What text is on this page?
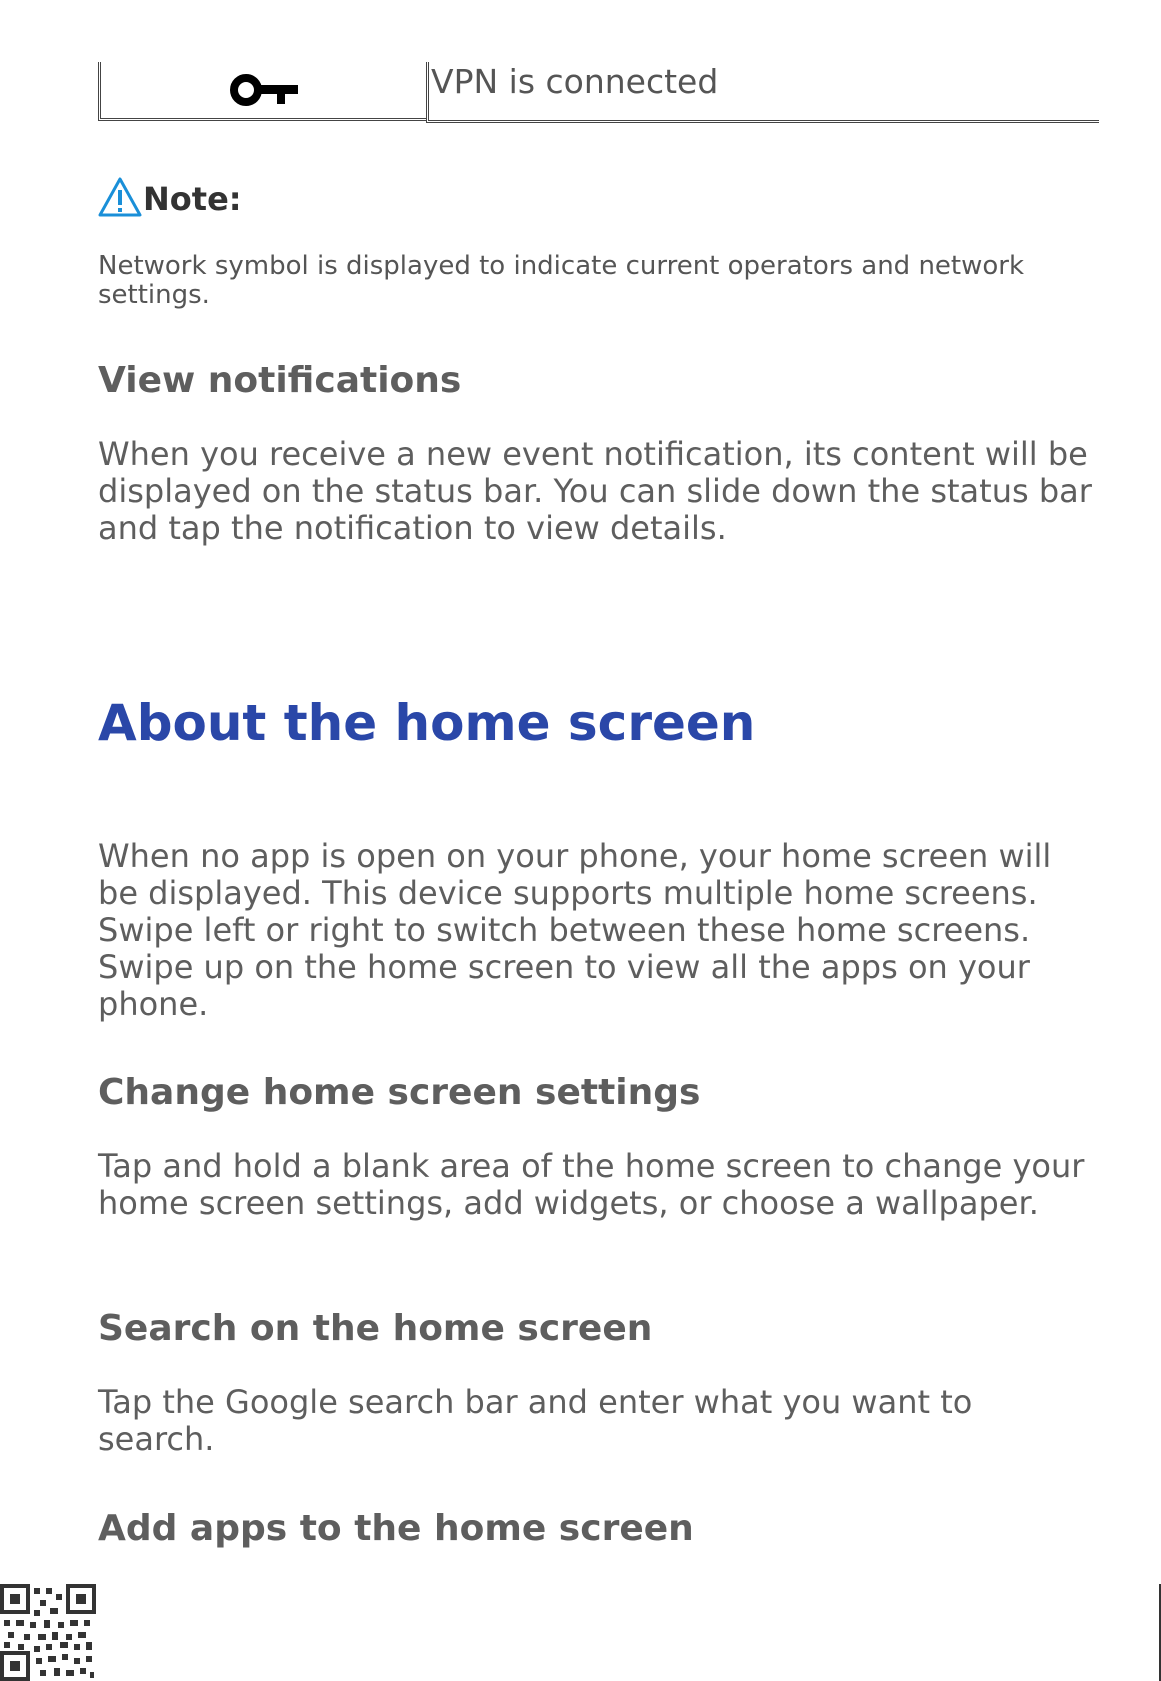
VPN is connected
Note:
Network symbol is displayed to indicate current operators and network settings.
View notifications
When you receive a new event notification, its content will be displayed on the status bar. You can slide down the status bar and tap the notification to view details.
About the home screen
When no app is open on your phone, your home screen will be displayed. This device supports multiple home screens. Swipe left or right to switch between these home screens. Swipe up on the home screen to view all the apps on your phone.
Change home screen settings
Tap and hold a blank area of the home screen to change your home screen settings, add widgets, or choose a wallpaper.
Search on the home screen
Tap the Google search bar and enter what you want to search.
Add apps to the home screen
